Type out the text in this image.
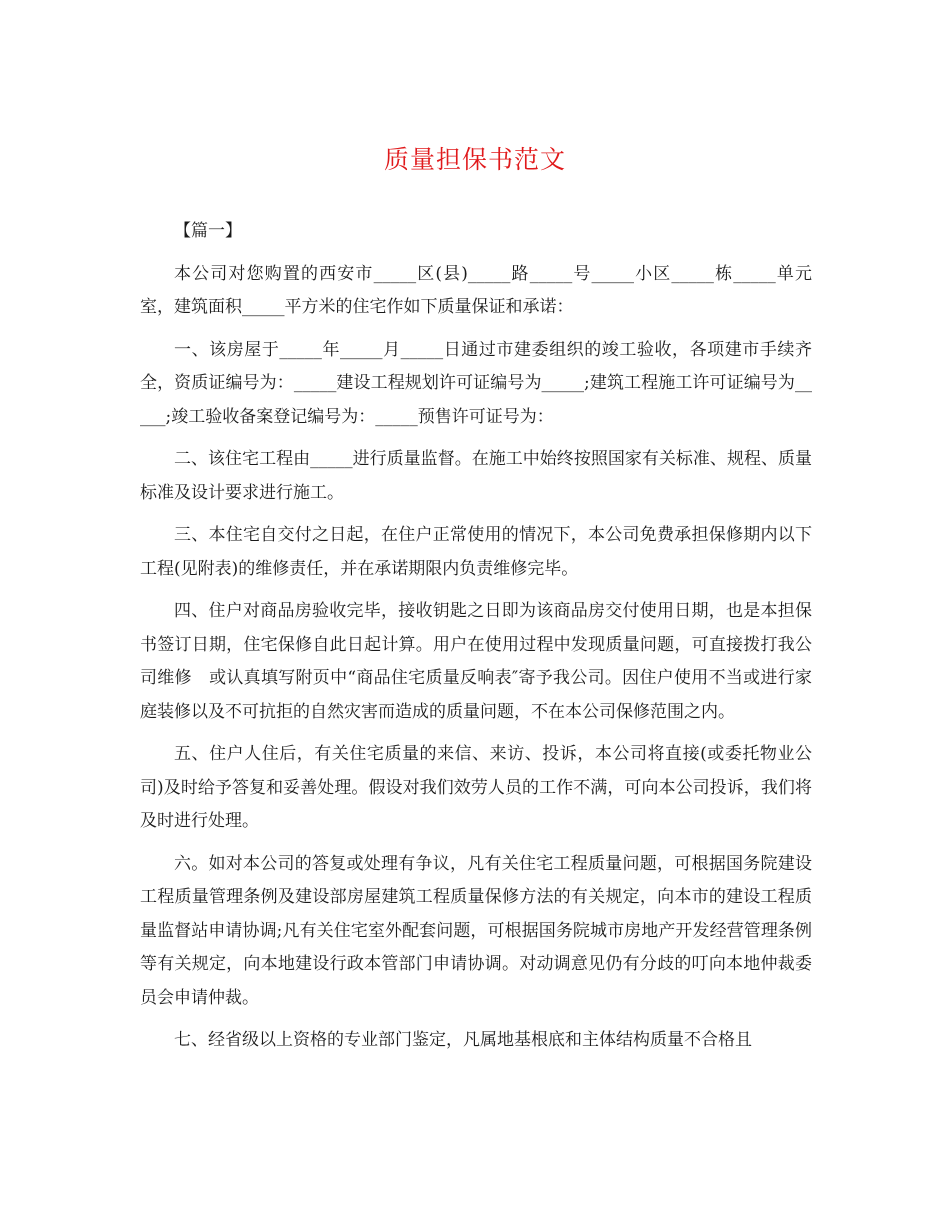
质量担保书范文

【篇一】

本公司对您购置的西安市_____区(县)_____路_____号_____小区_____栋_____单元室，建筑面积_____平方米的住宅作如下质量保证和承诺：

一、该房屋于_____年_____月_____日通过市建委组织的竣工验收，各项建市手续齐全，资质证编号为：_____建设工程规划许可证编号为_____;建筑工程施工许可证编号为_____;竣工验收备案登记编号为：_____预售许可证号为：

二、该住宅工程由_____进行质量监督。在施工中始终按照国家有关标准、规程、质量标准及设计要求进行施工。

三、本住宅自交付之日起，在住户正常使用的情况下，本公司免费承担保修期内以下工程(见附表)的维修责任，并在承诺期限内负责维修完毕。

四、住户对商品房验收完毕，接收钥匙之日即为该商品房交付使用日期，也是本担保书签订日期，住宅保修自此日起计算。用户在使用过程中发现质量问题，可直接拨打我公司维修　或认真填写附页中“商品住宅质量反响表″寄予我公司。因住户使用不当或进行家庭装修以及不可抗拒的自然灾害而造成的质量问题，不在本公司保修范围之内。

五、住户人住后，有关住宅质量的来信、来访、投诉，本公司将直接(或委托物业公司)及时给予答复和妥善处理。假设对我们效劳人员的工作不满，可向本公司投诉，我们将及时进行处理。

六。如对本公司的答复或处理有争议，凡有关住宅工程质量问题，可根据国务院建设工程质量管理条例及建设部房屋建筑工程质量保修方法的有关规定，向本市的建设工程质量监督站申请协调;凡有关住宅室外配套问题，可根据国务院城市房地产开发经营管理条例等有关规定，向本地建设行政本管部门申请协调。对动调意见仍有分歧的叮向本地仲裁委员会申请仲裁。

七、经省级以上资格的专业部门鉴定，凡属地基根底和主体结构质量不合格且
